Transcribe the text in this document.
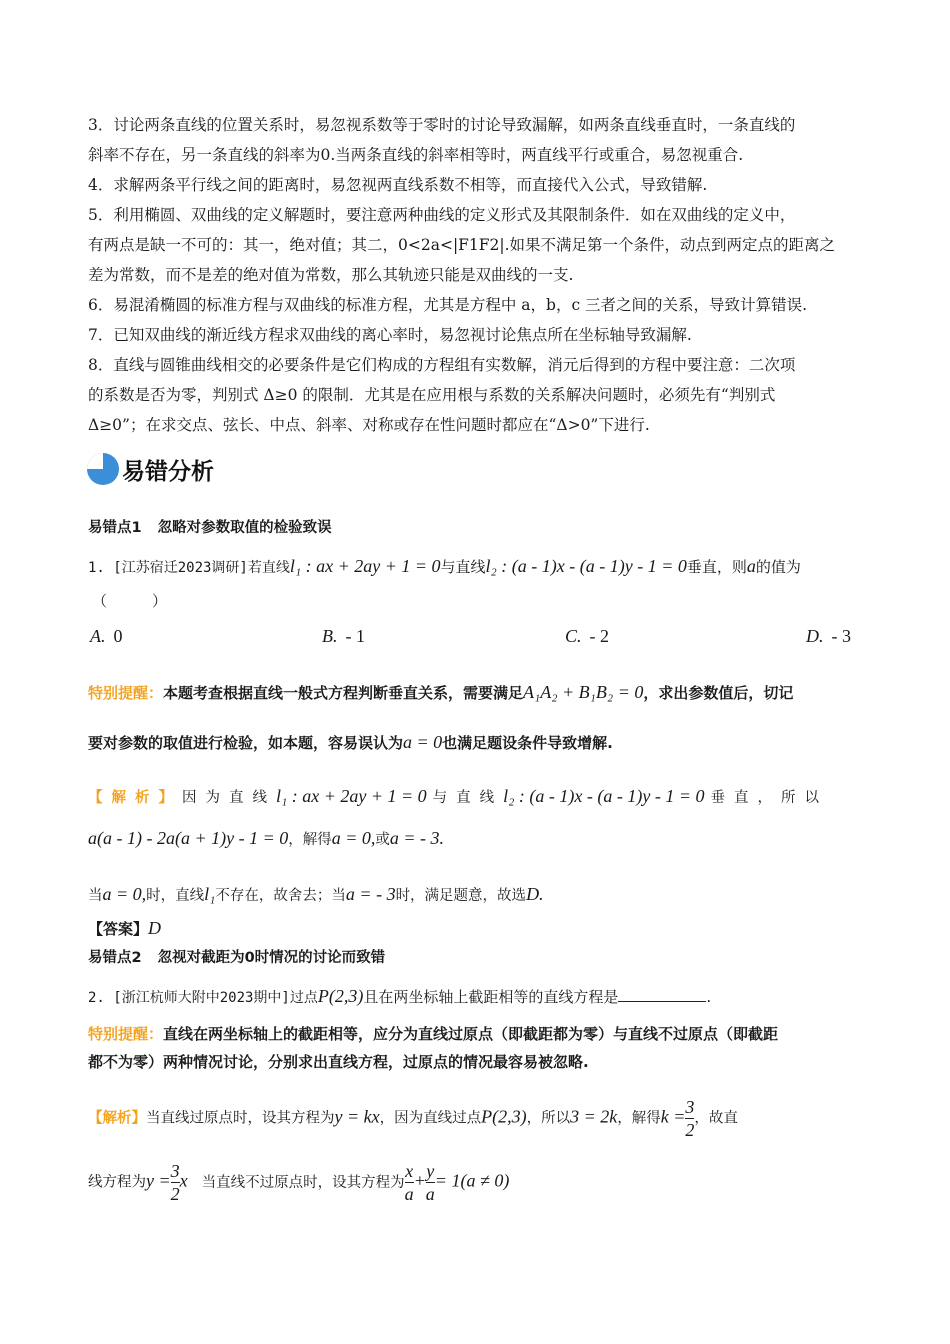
3．讨论两条直线的位置关系时，易忽视系数等于零时的讨论导致漏解，如两条直线垂直时，一条直线的
斜率不存在，另一条直线的斜率为0.当两条直线的斜率相等时，两直线平行或重合，易忽视重合.
4．求解两条平行线之间的距离时，易忽视两直线系数不相等，而直接代入公式，导致错解.
5．利用椭圆、双曲线的定义解题时，要注意两种曲线的定义形式及其限制条件．如在双曲线的定义中，
有两点是缺一不可的：其一，绝对值；其二，0<2a<|F1F2|.如果不满足第一个条件，动点到两定点的距离之
差为常数，而不是差的绝对值为常数，那么其轨迹只能是双曲线的一支.
6．易混淆椭圆的标准方程与双曲线的标准方程，尤其是方程中 a，b，c 三者之间的关系，导致计算错误.
7．已知双曲线的渐近线方程求双曲线的离心率时，易忽视讨论焦点所在坐标轴导致漏解.
8．直线与圆锥曲线相交的必要条件是它们构成的方程组有实数解，消元后得到的方程中要注意：二次项
的系数是否为零，判别式 Δ≥0 的限制．尤其是在应用根与系数的关系解决问题时，必须先有“判别式
Δ≥0”；在求交点、弦长、中点、斜率、对称或存在性问题时都应在“Δ>0”下进行.
易错分析
易错点1 忽略对参数取值的检验致误
1. [江苏宿迁2023调研]若直线l₁ : ax + 2ay + 1 = 0与直线l₂ : (a - 1)x - (a - 1)y - 1 = 0垂直，则a的值为
（　　　）
A. 0	B. - 1	C. - 2	D. - 3
特别提醒：本题考查根据直线一般式方程判断垂直关系，需要满足A₁A₂ + B₁B₂ = 0，求出参数值后，切记
要对参数的取值进行检验，如本题，容易误认为a = 0也满足题设条件导致增解.
【解析】因为直线l₁ : ax + 2ay + 1 = 0 与直线l₂ : (a - 1)x - (a - 1)y - 1 = 0 垂直，所以
a(a - 1) - 2a(a + 1)y - 1 = 0，解得a = 0,或a = - 3.
当a = 0,时，直线l₁不存在，故舍去；当a = - 3时，满足题意，故选D.
【答案】D
易错点2 忽视对截距为0时情况的讨论而致错
2. [浙江杭师大附中2023期中]过点P(2,3)且在两坐标轴上截距相等的直线方程是	.
特别提醒：直线在两坐标轴上的截距相等，应分为直线过原点（即截距都为零）与直线不过原点（即截距
都不为零）两种情况讨论，分别求出直线方程，过原点的情况最容易被忽略.
【解析】当直线过原点时，设其方程为y = kx，因为直线过点P(2,3)，所以3 = 2k，解得$k = \frac{3}{2}$ ，故直
线方程为$y = \frac{3}{2}$ x 当直线不过原点时，设其方程为 $\frac{x}{a} + \frac{y}{a} = 1(a \ne 0)$
